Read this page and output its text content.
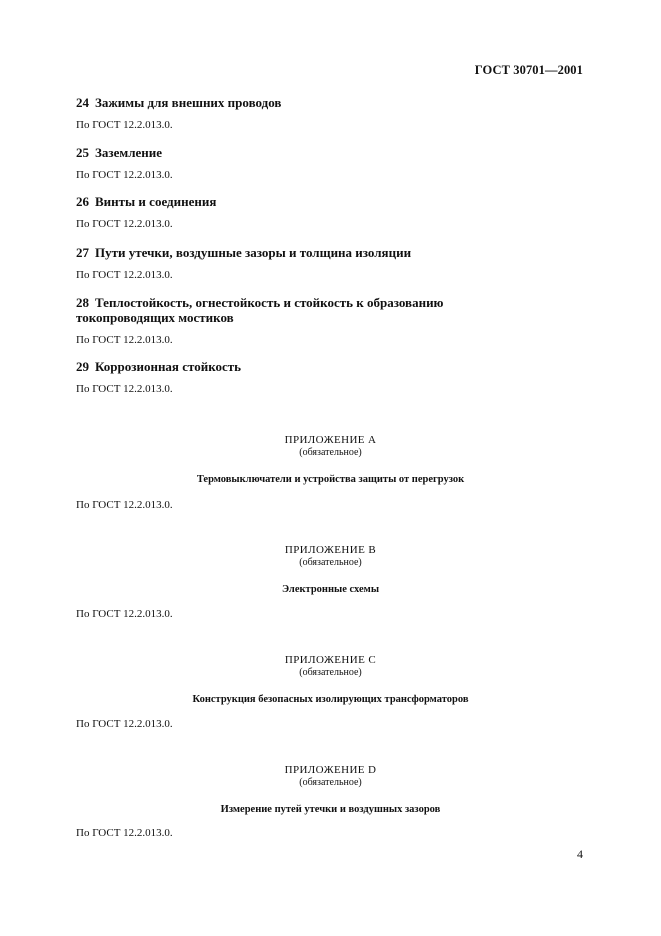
ГОСТ 30701—2001
24 Зажимы для внешних проводов
По ГОСТ 12.2.013.0.
25 Заземление
По ГОСТ 12.2.013.0.
26 Винты и соединения
По ГОСТ 12.2.013.0.
27 Пути утечки, воздушные зазоры и толщина изоляции
По ГОСТ 12.2.013.0.
28 Теплостойкость, огнестойкость и стойкость к образованию токопроводящих мостиков
По ГОСТ 12.2.013.0.
29 Коррозионная стойкость
По ГОСТ 12.2.013.0.
ПРИЛОЖЕНИЕ А
(обязательное)
Термовыключатели и устройства защиты от перегрузок
По ГОСТ 12.2.013.0.
ПРИЛОЖЕНИЕ В
(обязательное)
Электронные схемы
По ГОСТ 12.2.013.0.
ПРИЛОЖЕНИЕ С
(обязательное)
Конструкция безопасных изолирующих трансформаторов
По ГОСТ 12.2.013.0.
ПРИЛОЖЕНИЕ D
(обязательное)
Измерение путей утечки и воздушных зазоров
По ГОСТ 12.2.013.0.
4
